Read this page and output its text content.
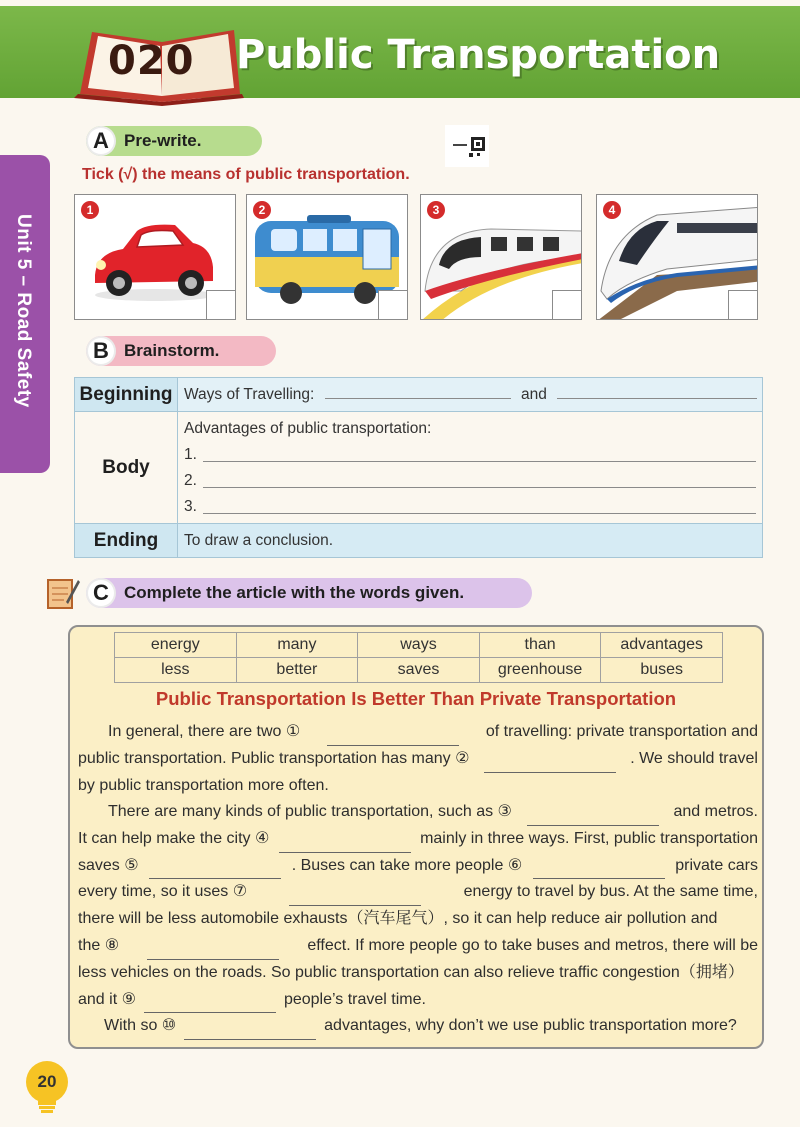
020 Public Transportation
Unit 5 – Road Safety
A Pre-write.
Tick (√) the means of public transportation.
1	2	3	4
B Brainstorm.
Beginning	Ways of Travelling: and
Body	Advantages of public transportation:
1.
2.
3.

Ending	To draw a conclusion.
C Complete the article with the words given.
energy	many	ways	than	advantages
less	better	saves	greenhouse	buses
Public Transportation Is Better Than Private Transportation
In general, there are two ①	of travelling: private transportation and
public transportation. Public transportation has many ②	. We should travel
by public transportation more often.
There are many kinds of public transportation, such as ③	and metros.
It can help make the city ④	mainly in three ways. First, public transportation
saves ⑤	. Buses can take more people ⑥	private cars
every time, so it uses ⑦	energy to travel by bus. At the same time,
there will be less automobile exhausts（汽车尾气）, so it can help reduce air pollution and
the ⑧	effect. If more people go to take buses and metros, there will be
less vehicles on the roads. So public transportation can also relieve traffic congestion（拥堵）
and it ⑨	people’s travel time.
With so ⑩	advantages, why don’t we use public transportation more?
20
